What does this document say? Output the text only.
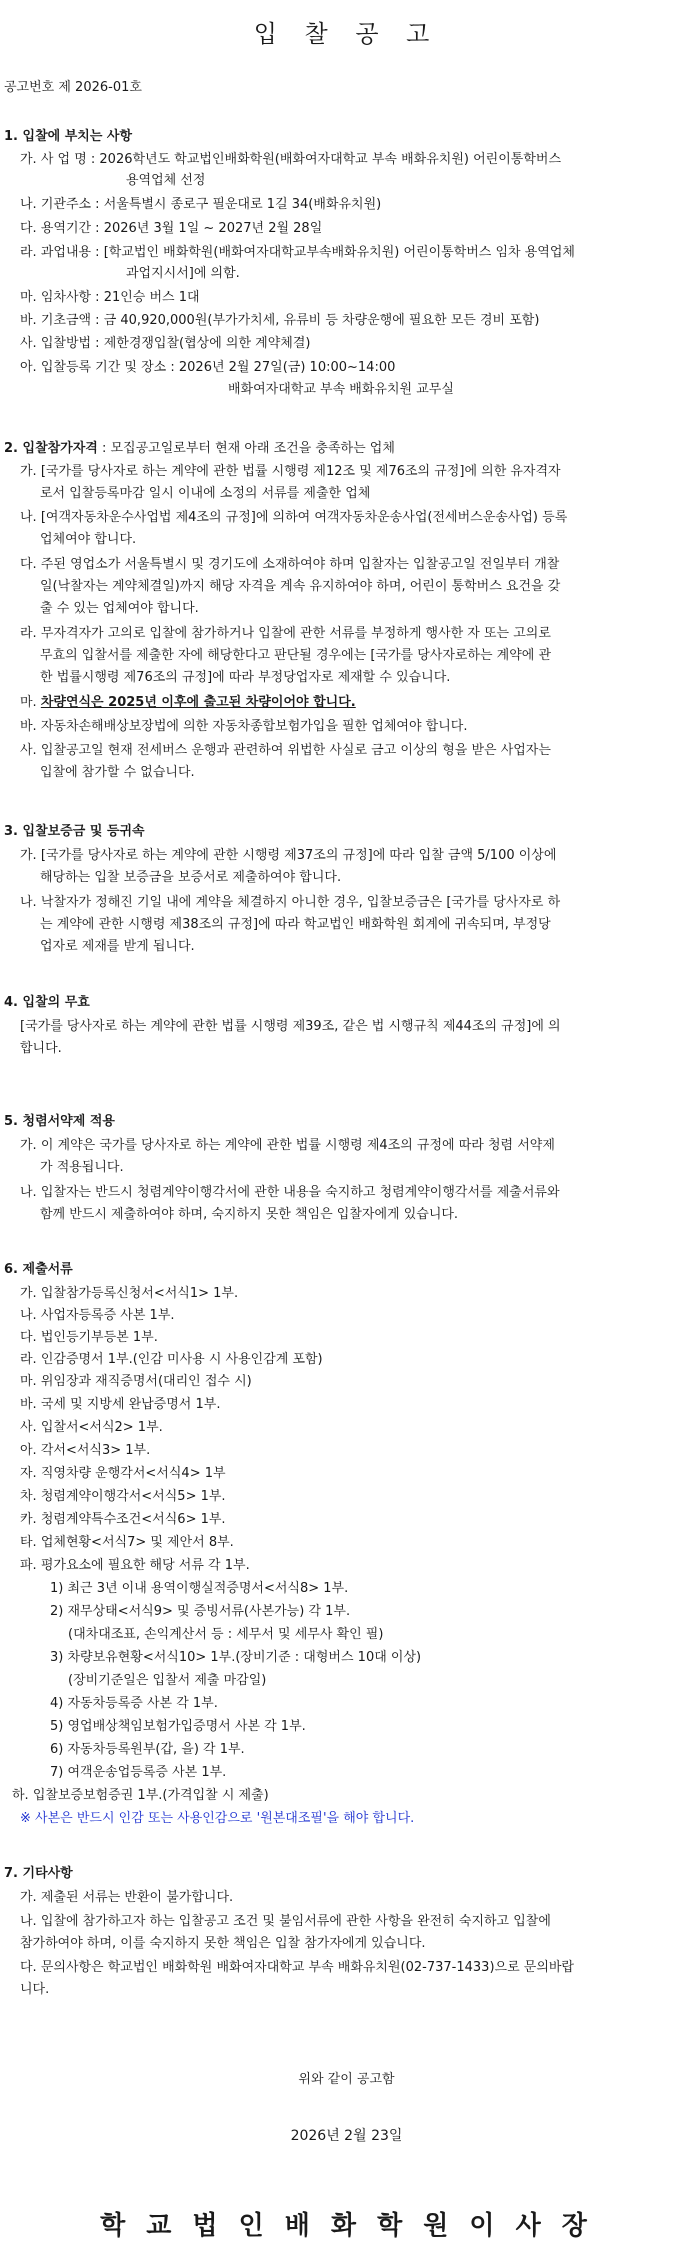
입 찰 공 고
공고번호 제 2026-01호
1. 입찰에 부치는 사항
가. 사 업 명 : 2026학년도 학교법인배화학원(배화여자대학교 부속 배화유치원) 어린이통학버스
용역업체 선정
나. 기관주소 : 서울특별시 종로구 필운대로 1길 34(배화유치원)
다. 용역기간 : 2026년 3월 1일 ~ 2027년 2월 28일
라. 과업내용 : [학교법인 배화학원(배화여자대학교부속배화유치원) 어린이통학버스 임차 용역업체
과업지시서]에 의함.
마. 임차사항 : 21인승 버스 1대
바. 기초금액 : 금 40,920,000원(부가가치세, 유류비 등 차량운행에 필요한 모든 경비 포함)
사. 입찰방법 : 제한경쟁입찰(협상에 의한 계약체결)
아. 입찰등록 기간 및 장소 : 2026년 2월 27일(금) 10:00~14:00
배화여자대학교 부속 배화유치원 교무실
2. 입찰참가자격 : 모집공고일로부터 현재 아래 조건을 충족하는 업체
가. [국가를 당사자로 하는 계약에 관한 법률 시행령 제12조 및 제76조의 규정]에 의한 유자격자
로서 입찰등록마감 일시 이내에 소정의 서류를 제출한 업체
나. [여객자동차운수사업법 제4조의 규정]에 의하여 여객자동차운송사업(전세버스운송사업) 등록
업체여야 합니다.
다. 주된 영업소가 서울특별시 및 경기도에 소재하여야 하며 입찰자는 입찰공고일 전일부터 개찰
일(낙찰자는 계약체결일)까지 해당 자격을 계속 유지하여야 하며, 어린이 통학버스 요건을 갖
출 수 있는 업체여야 합니다.
라. 무자격자가 고의로 입찰에 참가하거나 입찰에 관한 서류를 부정하게 행사한 자 또는 고의로
무효의 입찰서를 제출한 자에 해당한다고 판단될 경우에는 [국가를 당사자로하는 계약에 관
한 법률시행령 제76조의 규정]에 따라 부정당업자로 제재할 수 있습니다.
마. 차량연식은 2025년 이후에 출고된 차량이어야 합니다.
바. 자동차손해배상보장법에 의한 자동차종합보험가입을 필한 업체여야 합니다.
사. 입찰공고일 현재 전세버스 운행과 관련하여 위법한 사실로 금고 이상의 형을 받은 사업자는
입찰에 참가할 수 없습니다.
3. 입찰보증금 및 등귀속
가. [국가를 당사자로 하는 계약에 관한 시행령 제37조의 규정]에 따라 입찰 금액 5/100 이상에
해당하는 입찰 보증금을 보증서로 제출하여야 합니다.
나. 낙찰자가 정해진 기일 내에 계약을 체결하지 아니한 경우, 입찰보증금은 [국가를 당사자로 하
는 계약에 관한 시행령 제38조의 규정]에 따라 학교법인 배화학원 회계에 귀속되며, 부정당
업자로 제재를 받게 됩니다.
4. 입찰의 무효
[국가를 당사자로 하는 계약에 관한 법률 시행령 제39조, 같은 법 시행규칙 제44조의 규정]에 의
합니다.
5. 청렴서약제 적용
가. 이 계약은 국가를 당사자로 하는 계약에 관한 법률 시행령 제4조의 규정에 따라 청렴 서약제
가 적용됩니다.
나. 입찰자는 반드시 청렴계약이행각서에 관한 내용을 숙지하고 청렴계약이행각서를 제출서류와
함께 반드시 제출하여야 하며, 숙지하지 못한 책임은 입찰자에게 있습니다.
6. 제출서류
가. 입찰참가등록신청서<서식1> 1부.
나. 사업자등록증 사본 1부.
다. 법인등기부등본 1부.
라. 인감증명서 1부.(인감 미사용 시 사용인감계 포함)
마. 위임장과 재직증명서(대리인 접수 시)
바. 국세 및 지방세 완납증명서 1부.
사. 입찰서<서식2> 1부.
아. 각서<서식3> 1부.
자. 직영차량 운행각서<서식4> 1부
차. 청렴계약이행각서<서식5> 1부.
카. 청렴계약특수조건<서식6> 1부.
타. 업체현황<서식7> 및 제안서 8부.
파. 평가요소에 필요한 해당 서류 각 1부.
1) 최근 3년 이내 용역이행실적증명서<서식8> 1부.
2) 재무상태<서식9> 및 증빙서류(사본가능) 각 1부.
(대차대조표, 손익계산서 등 : 세무서 및 세무사 확인 필)
3) 차량보유현황<서식10> 1부.(장비기준 : 대형버스 10대 이상)
(장비기준일은 입찰서 제출 마감일)
4) 자동차등록증 사본 각 1부.
5) 영업배상책임보험가입증명서 사본 각 1부.
6) 자동차등록원부(갑, 을) 각 1부.
7) 여객운송업등록증 사본 1부.
하. 입찰보증보험증권 1부.(가격입찰 시 제출)
※ 사본은 반드시 인감 또는 사용인감으로 '원본대조필'을 해야 합니다.
7. 기타사항
가. 제출된 서류는 반환이 불가합니다.
나. 입찰에 참가하고자 하는 입찰공고 조건 및 불임서류에 관한 사항을 완전히 숙지하고 입찰에
참가하여야 하며, 이를 숙지하지 못한 책임은 입찰 참가자에게 있습니다.
다. 문의사항은 학교법인 배화학원 배화여자대학교 부속 배화유치원(02-737-1433)으로 문의바랍
니다.
위와 같이 공고함
2026년 2월 23일
학 교 법 인 배 화 학 원 이 사 장
